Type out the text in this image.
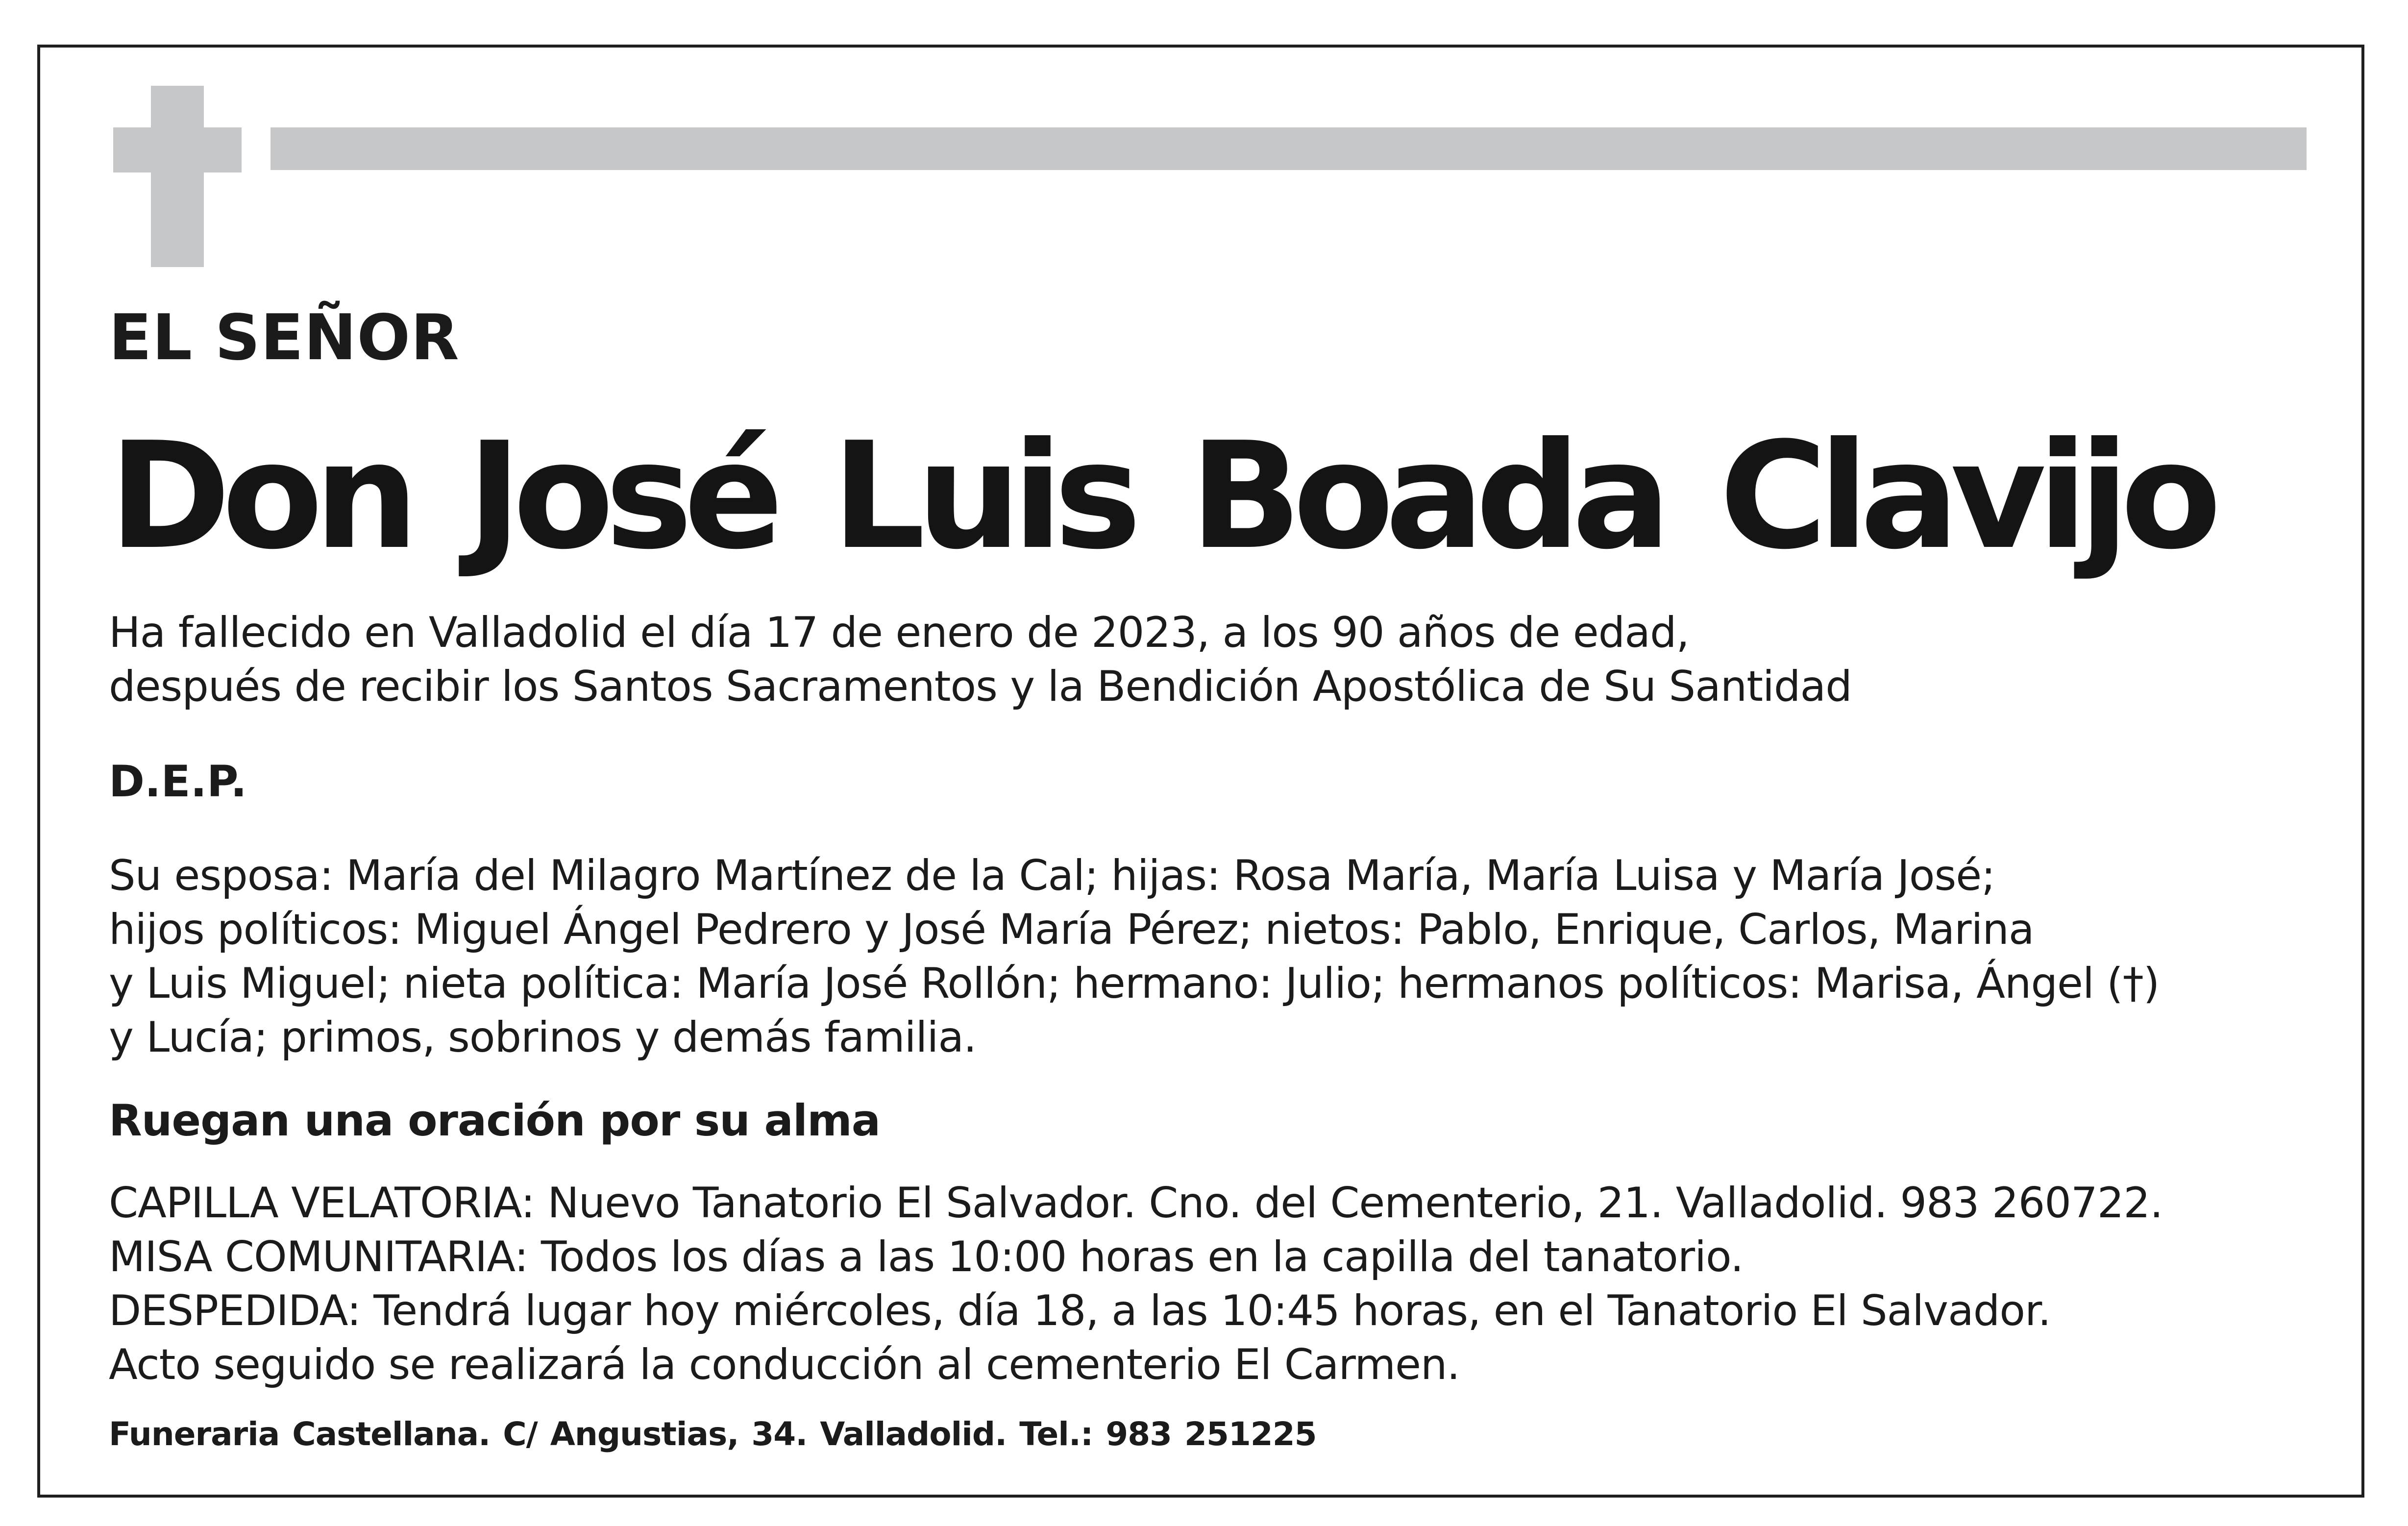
EL SEÑOR

Don José Luis Boada Clavijo

Ha fallecido en Valladolid el día 17 de enero de 2023, a los 90 años de edad,
después de recibir los Santos Sacramentos y la Bendición Apostólica de Su Santidad

D.E.P.

Su esposa: María del Milagro Martínez de la Cal; hijas: Rosa María, María Luisa y María José;
hijos políticos: Miguel Ángel Pedrero y José María Pérez; nietos: Pablo, Enrique, Carlos, Marina
y Luis Miguel; nieta política: María José Rollón; hermano: Julio; hermanos políticos: Marisa, Ángel (†)
y Lucía; primos, sobrinos y demás familia.

Ruegan una oración por su alma

CAPILLA VELATORIA: Nuevo Tanatorio El Salvador. Cno. del Cementerio, 21. Valladolid. 983 260722.
MISA COMUNITARIA: Todos los días a las 10:00 horas en la capilla del tanatorio.
DESPEDIDA: Tendrá lugar hoy miércoles, día 18, a las 10:45 horas, en el Tanatorio El Salvador.
Acto seguido se realizará la conducción al cementerio El Carmen.

Funeraria Castellana. C/ Angustias, 34. Valladolid. Tel.: 983 251225
